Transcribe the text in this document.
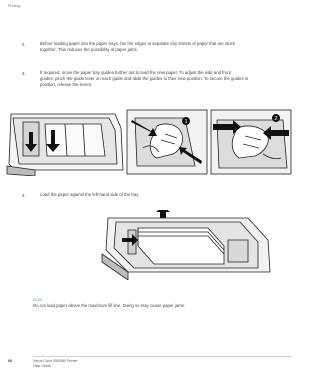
Printing
2.	Before loading paper into the paper trays, fan the edges to separate any sheets of paper that are stuck
together. This reduces the possibility of paper jams.
3.	If required, move the paper tray guides further out to load the new paper. To adjust the side and front
guides, pinch the guide lever on each guide and slide the guides to their new position. To secure the guides in
position, release the levers.
1	2
4.	Load the paper against the left-hand side of the tray.
Note:
Do not load paper above the maximum fill line. Doing so may cause paper jams.
66	Xerox Color 550/560 Printer
User Guide
